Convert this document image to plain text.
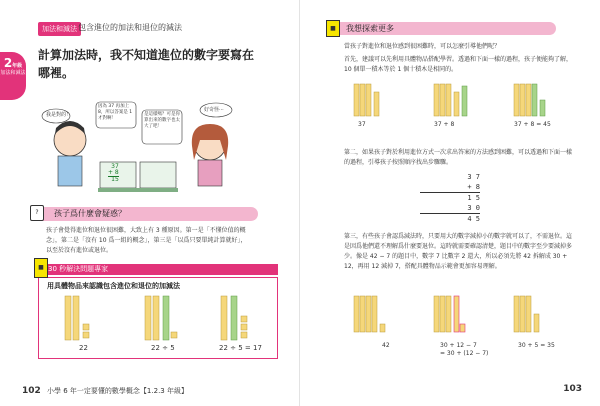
加法和減法 包含進位的加法和退位的減法
2年級
加法和減法
計算加法時，我不知道進位的數字要寫在哪裡。
我是對的！
因為 37 再加上 8，所以答案是 1 才對啊！
是這樣嗎？可是你算出來的數字也太大了吧！
好奇怪⋯
37
+ 8
15
?	孩子爲什麼會疑惑？
孩子會覺得進位和退位很困難，大致上有 3 種原因。第一是「不懂位值的概念」，第二是「沒有 10 爲一組的概念」，第三是「以爲只要單純計算就好」，以至於沒有進位或退位。
■ 30 秒解決問題專家
用具體物品來認識包含進位和退位的加減法
22	22 ÷ 5	22 ÷ 5 = 17
102 小學 6 年一定要懂的數學概念【1.2.3 年級】
■	我想探索更多
當孩子對進位和退位感到很困難時，可以怎麼引導他們呢？
首先，建議可以先利用具體物品搭配學習。透過和下面一樣的過程，孩子便能夠了解，10 個單一積木等於 1 個十積木是相同的。
37	37 + 8	37 + 8 = 45
第二，如果孩子對於利用進位方式一次求出答案的方法感到困難，可以透過和下面一樣的過程，引導孩子按照順序找出步驟驟。
3 7
+ 8
1 5
3 0
4 5
第三，有些孩子會認爲減法時，只要用大的數字減掉小的數字就可以了，不需退位。這是因爲他們還不理解爲什麼要退位。這時就需要確認清楚，題目中的數字至少要減掉多少。像是 42 − 7 的題目中，數字 7 比數字 2 還大，所以必須先將 42 拆解成 30 + 12，再用 12 減掉 7，搭配具體物品示範會更加容易理解。
42	30 + 12 − 7
= 30 + (12 − 7)
30 + 5 = 35
103
